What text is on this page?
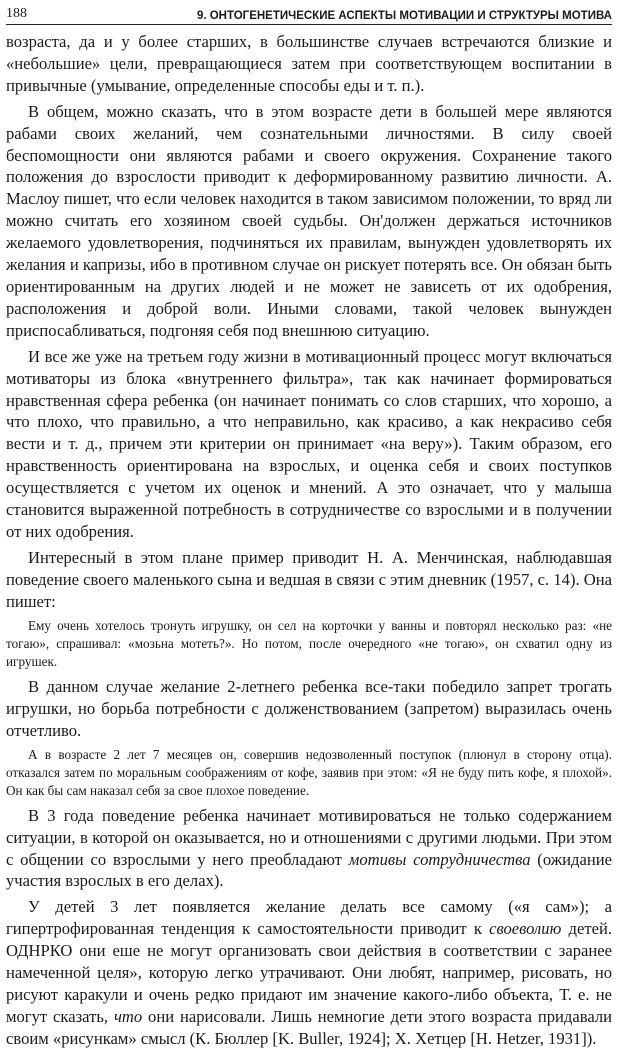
188	9. ОНТОГЕНЕТИЧЕСКИЕ АСПЕКТЫ МОТИВАЦИИ И СТРУКТУРЫ МОТИВА

возраста, да и у более старших, в большинстве случаев встречаются близкие и «небольшие» цели, превращающиеся затем при соответствующем воспитании в привычные (умывание, определенные способы еды и т. п.).

В общем, можно сказать, что в этом возрасте дети в большей мере являются рабами своих желаний, чем сознательными личностями. В силу своей беспомощности они являются рабами и своего окружения. Сохранение такого положения до взрослости приводит к деформированному развитию личности. А. Маслоу пишет, что если человек находится в таком зависимом положении, то вряд ли можно считать его хозяином своей судьбы. Он'должен держаться источников желаемого удовлетворения, подчиняться их правилам, вынужден удовлетворять их желания и капризы, ибо в противном случае он рискует потерять все. Он обязан быть ориентированным на других людей и не может не зависеть от их одобрения, расположения и доброй воли. Иными словами, такой человек вынужден приспосабливаться, подгоняя себя под внешнюю ситуацию.

И все же уже на третьем году жизни в мотивационный процесс могут включаться мотиваторы из блока «внутреннего фильтра», так как начинает формироваться нравственная сфера ребенка (он начинает понимать со слов старших, что хорошо, а что плохо, что правильно, а что неправильно, как красиво, а как некрасиво себя вести и т. д., причем эти критерии он принимает «на веру»). Таким образом, его нравственность ориентирована на взрослых, и оценка себя и своих поступков осуществляется с учетом их оценок и мнений. А это означает, что у малыша становится выраженной потребность в сотрудничестве со взрослыми и в получении от них одобрения.

Интересный в этом плане пример приводит Н. А. Менчинская, наблюдавшая поведение своего маленького сына и ведшая в связи с этим дневник (1957, с. 14). Она пишет:

Ему очень хотелось тронуть игрушку, он сел на корточки у ванны и повторял несколько раз: «не тогаю», спрашивал: «мозьна мотеть?». Но потом, после очередного «не тогаю», он схватил одну из игрушек.

В данном случае желание 2-летнего ребенка все-таки победило запрет трогать игрушки, но борьба потребности с долженствованием (запретом) выразилась очень отчетливо.

А в возрасте 2 лет 7 месяцев он, совершив недозволенный поступок (плюнул в сторону отца). отказался затем по моральным соображениям от кофе, заявив при этом: «Я не буду пить кофе, я плохой». Он как бы сам наказал себя за свое плохое поведение.

В 3 года поведение ребенка начинает мотивироваться не только содержанием ситуации, в которой он оказывается, но и отношениями с другими людьми. При этом с общении со взрослыми у него преобладают мотивы сотрудничества (ожидание участия взрослых в его делах).

У детей 3 лет появляется желание делать все самому («я сам»); а гипертрофированная тенденция к самостоятельности приводит к своеволию детей. ОДНРКО они еше не могут организовать свои действия в соответствии с заранее намеченной целя», которую легко утрачивают. Они любят, например, рисовать, но рисуют каракули и очень редко придают им значение какого-либо объекта, Т. е. не могут сказать, что они нарисовали. Лишь немногие дети этого возраста придавали своим «рисункам» смысл (К. Бюллер [K. Buller, 1924]; Х. Хетцер [H. Hetzer, 1931]).
